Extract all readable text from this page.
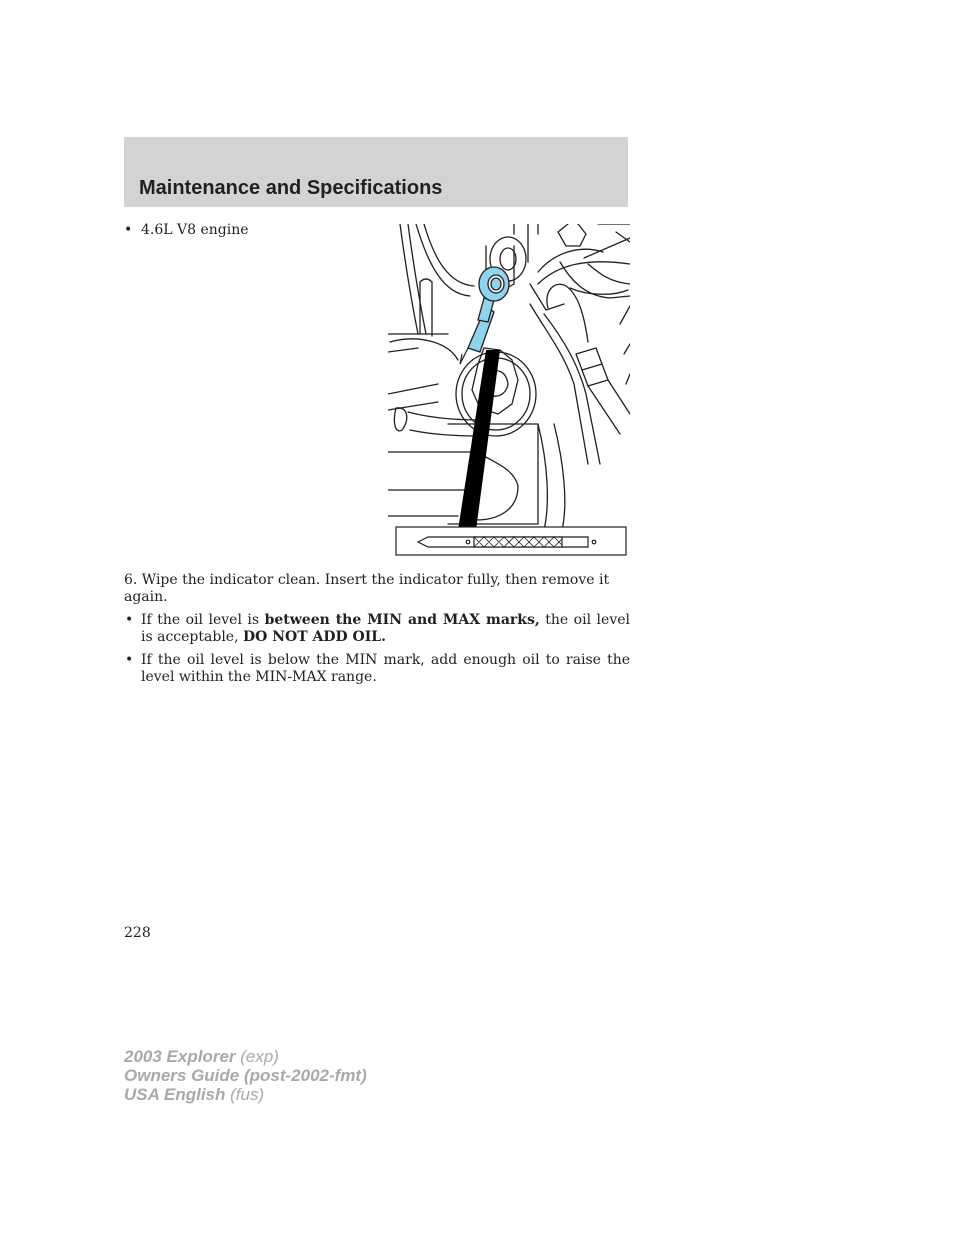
Maintenance and Specifications
• 4.6L V8 engine

6. Wipe the indicator clean. Insert the indicator fully, then remove it again.

• If the oil level is between the MIN and MAX marks, the oil level is acceptable, DO NOT ADD OIL.
• If the oil level is below the MIN mark, add enough oil to raise the level within the MIN-MAX range.
228
2003 Explorer (exp)
Owners Guide (post-2002-fmt)
USA English (fus)
